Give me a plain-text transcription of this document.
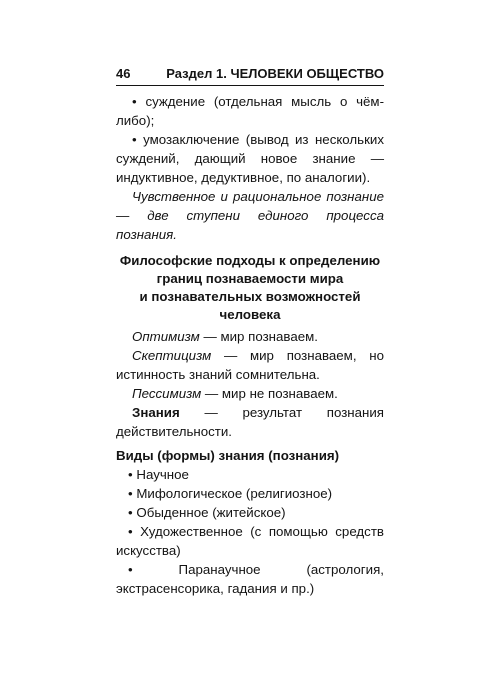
46	Раздел 1. ЧЕЛОВЕКИ ОБЩЕСТВО

• суждение (отдельная мысль о чём-либо);

• умозаключение (вывод из нескольких суждений, дающий новое знание — индуктивное, дедуктивное, по аналогии).

Чувственное и рациональное познание — две ступени единого процесса познания.

Философские подходы к определению
границ познаваемости мира
и познавательных возможностей
человека

Оптимизм — мир познаваем.

Скептицизм — мир познаваем, но истинность знаний сомнительна.

Пессимизм — мир не познаваем.

Знания — результат познания действительности.

Виды (формы) знания (познания)

• Научное
• Мифологическое (религиозное)
• Обыденное (житейское)
• Художественное (с помощью средств искусства)
•	Паранаучное (астрология, экстрасенсорика, гадания и пр.)
